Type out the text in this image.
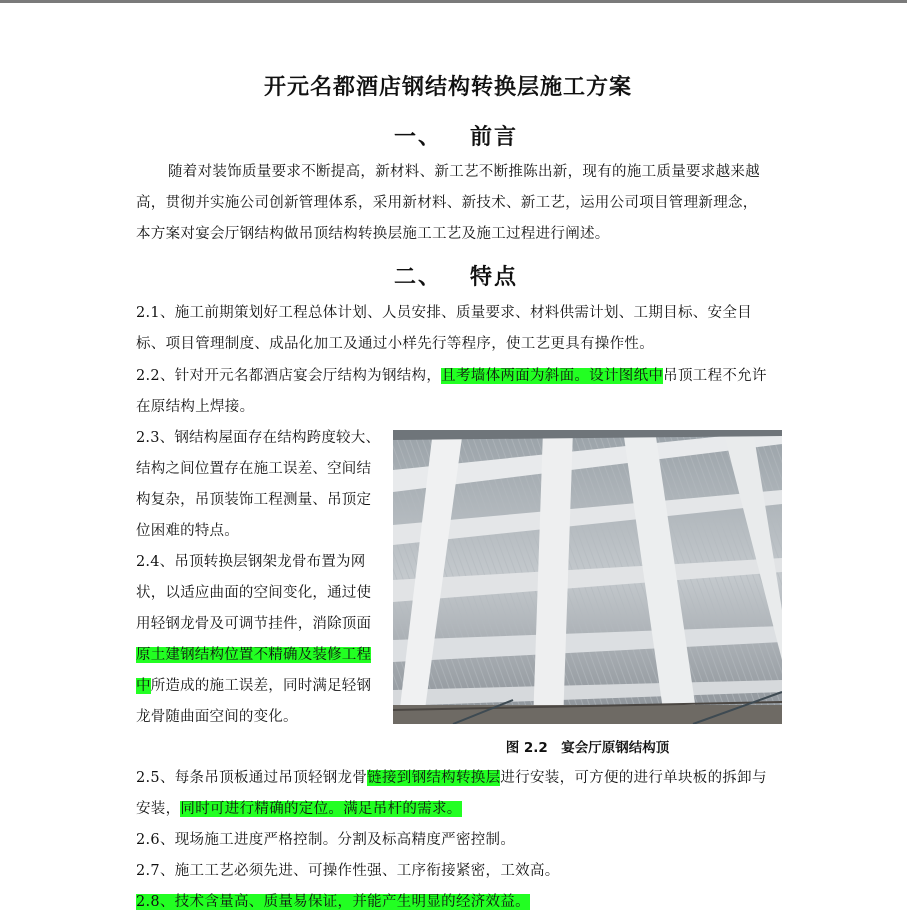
开元名都酒店钢结构转换层施工方案
一、 前言
随着对装饰质量要求不断提高，新材料、新工艺不断推陈出新，现有的施工质量要求越来越高，贯彻并实施公司创新管理体系，采用新材料、新技术、新工艺，运用公司项目管理新理念，本方案对宴会厅钢结构做吊顶结构转换层施工工艺及施工过程进行阐述。
二、 特点
2.1、施工前期策划好工程总体计划、人员安排、质量要求、材料供需计划、工期目标、安全目标、项目管理制度、成品化加工及通过小样先行等程序，使工艺更具有操作性。
2.2、针对开元名都酒店宴会厅结构为钢结构，且考墙体两面为斜面。设计图纸中吊顶工程不允许在原结构上焊接。
2.3、钢结构屋面存在结构跨度较大、结构之间位置存在施工误差、空间结构复杂，吊顶装饰工程测量、吊顶定位困难的特点。
2.4、吊顶转换层钢架龙骨布置为网状，以适应曲面的空间变化，通过使用轻钢龙骨及可调节挂件，消除顶面原土建钢结构位置不精确及装修工程中所造成的施工误差，同时满足轻钢龙骨随曲面空间的变化。
图 2.2　宴会厅原钢结构顶
2.5、每条吊顶板通过吊顶轻钢龙骨链接到钢结构转换层进行安装，可方便的进行单块板的拆卸与安装，同时可进行精确的定位。满足吊杆的需求。
2.6、现场施工进度严格控制。分割及标高精度严密控制。
2.7、施工工艺必须先进、可操作性强、工序衔接紧密，工效高。
2.8、技术含量高、质量易保证，并能产生明显的经济效益。
